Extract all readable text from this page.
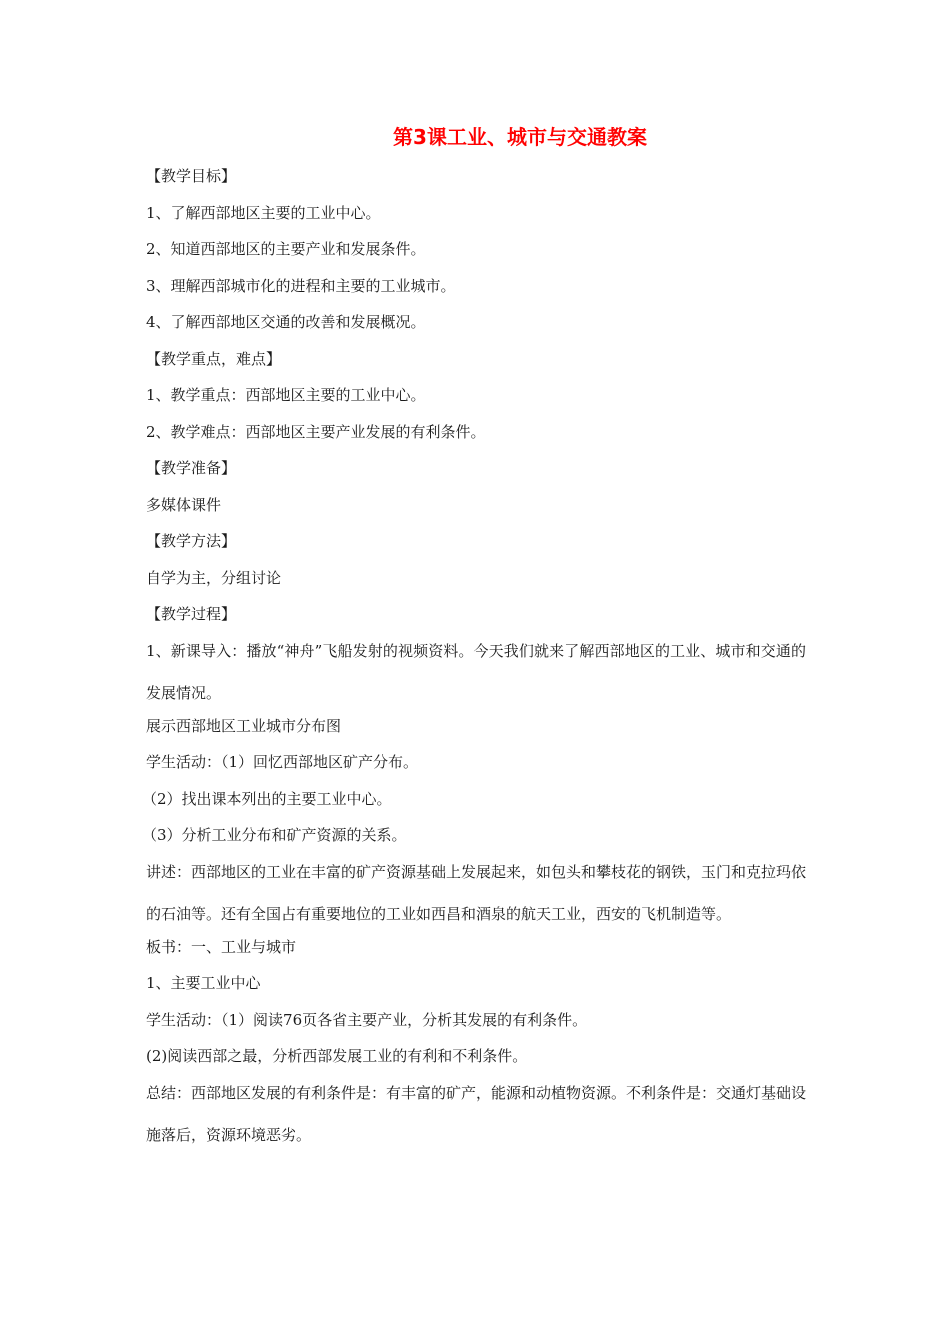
第3课工业、城市与交通教案
【教学目标】
1、了解西部地区主要的工业中心。
2、知道西部地区的主要产业和发展条件。
3、理解西部城市化的进程和主要的工业城市。
4、了解西部地区交通的改善和发展概况。
【教学重点，难点】
1、教学重点：西部地区主要的工业中心。
2、教学难点：西部地区主要产业发展的有利条件。
【教学准备】
多媒体课件
【教学方法】
自学为主，分组讨论
【教学过程】
1、新课导入：播放“神舟”飞船发射的视频资料。今天我们就来了解西部地区的工业、城市和交通的发展情况。
展示西部地区工业城市分布图
学生活动：（1）回忆西部地区矿产分布。
（2）找出课本列出的主要工业中心。
（3）分析工业分布和矿产资源的关系。
讲述：西部地区的工业在丰富的矿产资源基础上发展起来，如包头和攀枝花的钢铁，玉门和克拉玛依的石油等。还有全国占有重要地位的工业如西昌和酒泉的航天工业，西安的飞机制造等。
板书：一、工业与城市
1、主要工业中心
学生活动：（1）阅读76页各省主要产业，分析其发展的有利条件。
(2)阅读西部之最，分析西部发展工业的有利和不利条件。
总结：西部地区发展的有利条件是：有丰富的矿产，能源和动植物资源。不利条件是：交通灯基础设施落后，资源环境恶劣。
